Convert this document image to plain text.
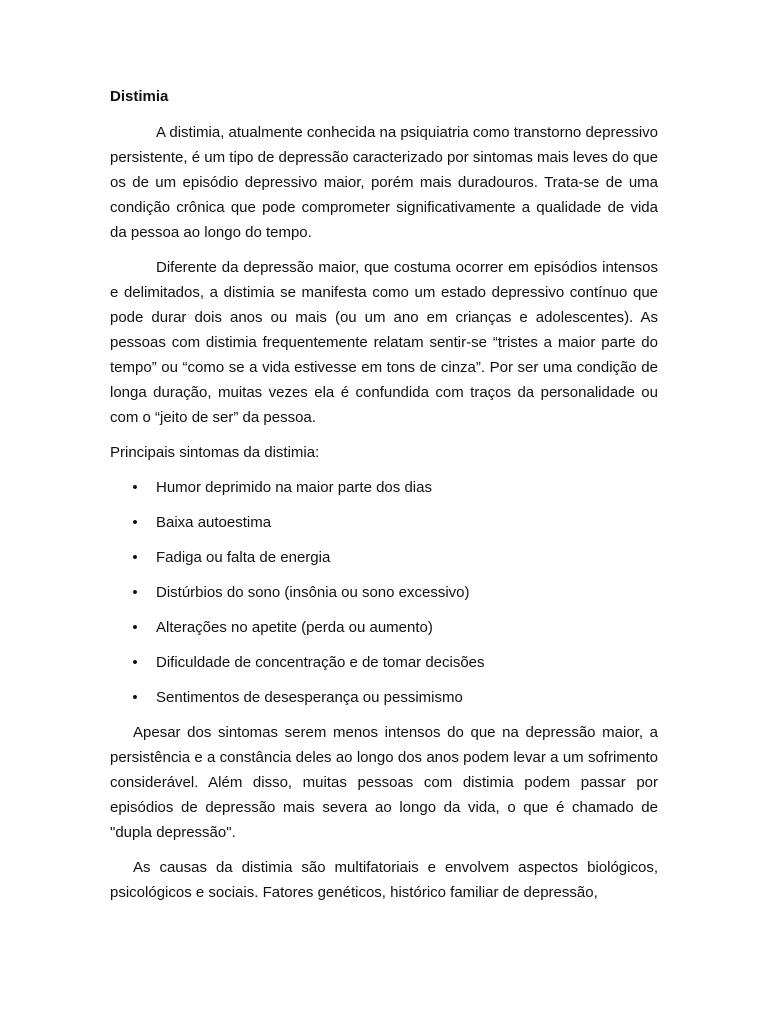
Distimia

A distimia, atualmente conhecida na psiquiatria como transtorno depressivo persistente, é um tipo de depressão caracterizado por sintomas mais leves do que os de um episódio depressivo maior, porém mais duradouros. Trata-se de uma condição crônica que pode comprometer significativamente a qualidade de vida da pessoa ao longo do tempo.

Diferente da depressão maior, que costuma ocorrer em episódios intensos e delimitados, a distimia se manifesta como um estado depressivo contínuo que pode durar dois anos ou mais (ou um ano em crianças e adolescentes). As pessoas com distimia frequentemente relatam sentir-se “tristes a maior parte do tempo” ou “como se a vida estivesse em tons de cinza”. Por ser uma condição de longa duração, muitas vezes ela é confundida com traços da personalidade ou com o “jeito de ser” da pessoa.

Principais sintomas da distimia:

• Humor deprimido na maior parte dos dias
• Baixa autoestima
• Fadiga ou falta de energia
• Distúrbios do sono (insônia ou sono excessivo)
• Alterações no apetite (perda ou aumento)
• Dificuldade de concentração e de tomar decisões
• Sentimentos de desesperança ou pessimismo

Apesar dos sintomas serem menos intensos do que na depressão maior, a persistência e a constância deles ao longo dos anos podem levar a um sofrimento considerável. Além disso, muitas pessoas com distimia podem passar por episódios de depressão mais severa ao longo da vida, o que é chamado de "dupla depressão".

As causas da distimia são multifatoriais e envolvem aspectos biológicos, psicológicos e sociais. Fatores genéticos, histórico familiar de depressão,
